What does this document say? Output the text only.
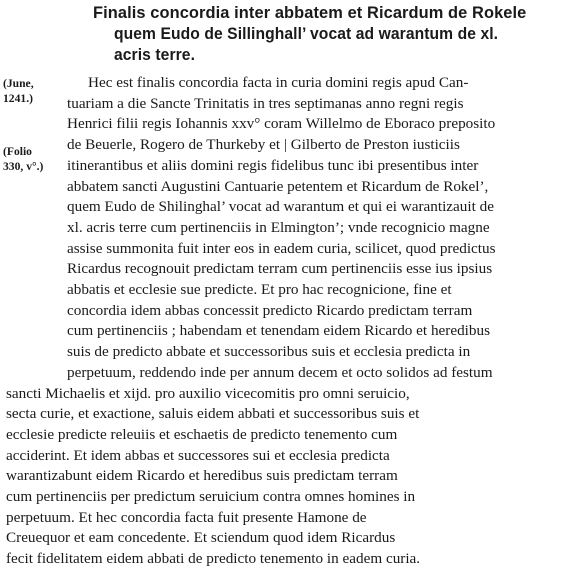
Finalis concordia inter abbatem et Ricardum de Rokele
quem Eudo de Sillinghall’ vocat ad warantum de xl.
acris terre.
(June,
1241.)
(Folio
330, v°.)
Hec est finalis concordia facta in curia domini regis apud Can-
tuariam a die Sancte Trinitatis in tres septimanas anno regni regis
Henrici filii regis Iohannis xxv° coram Willelmo de Eboraco preposito
de Beuerle, Rogero de Thurkeby et | Gilberto de Preston iusticiis
itinerantibus et aliis domini regis fidelibus tunc ibi presentibus inter
abbatem sancti Augustini Cantuarie petentem et Ricardum de Rokel’,
quem Eudo de Shilinghal’ vocat ad warantum et qui ei warantizauit de
xl. acris terre cum pertinenciis in Elmington’; vnde recognicio magne
assise summonita fuit inter eos in eadem curia, scilicet, quod predictus
Ricardus recognouit predictam terram cum pertinenciis esse ius ipsius
abbatis et ecclesie sue predicte. Et pro hac recognicione, fine et
concordia idem abbas concessit predicto Ricardo predictam terram
cum pertinenciis ; habendam et tenendam eidem Ricardo et heredibus
suis de predicto abbate et successoribus suis et ecclesia predicta in
perpetuum, reddendo inde per annum decem et octo solidos ad festum
sancti Michaelis et xijd. pro auxilio vicecomitis pro omni seruicio,
secta curie, et exactione, saluis eidem abbati et successoribus suis et
ecclesie predicte releuiis et eschaetis de predicto tenemento cum
acciderint. Et idem abbas et successores sui et ecclesia predicta
warantizabunt eidem Ricardo et heredibus suis predictam terram
cum pertinenciis per predictum seruicium contra omnes homines in
perpetuum. Et hec concordia facta fuit presente Hamone de
Creuequor et eam concedente. Et sciendum quod idem Ricardus
fecit fidelitatem eidem abbati de predicto tenemento in eadem curia.
